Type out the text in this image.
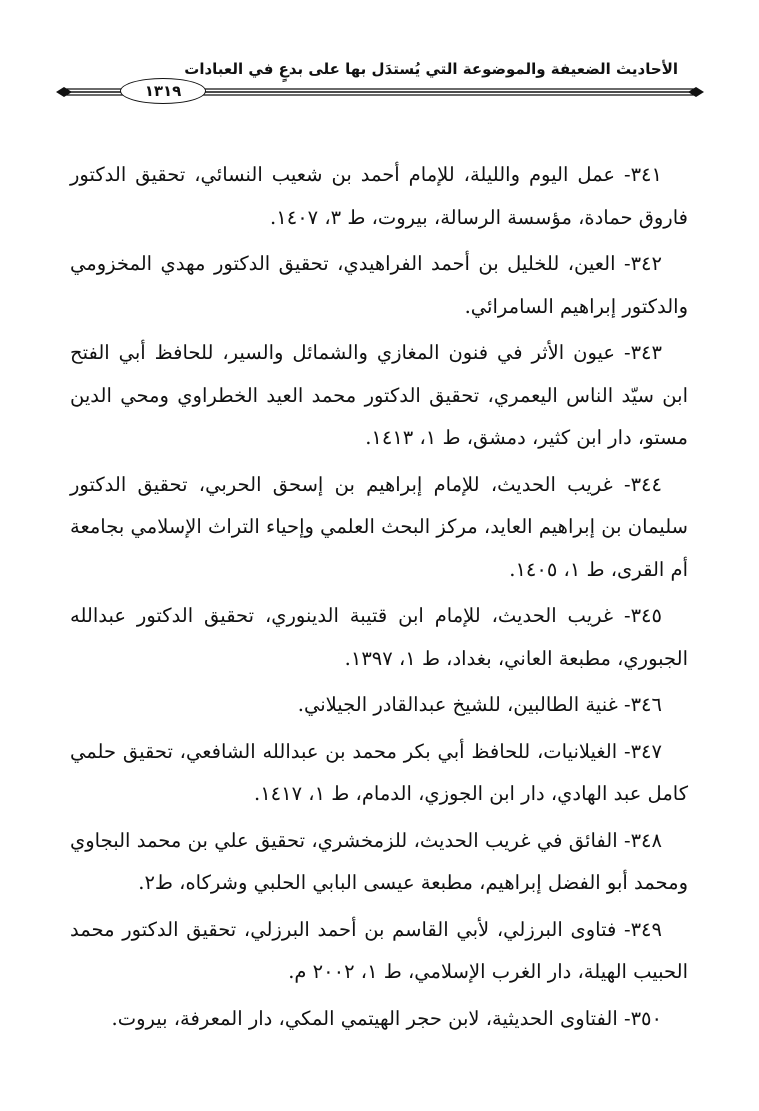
الأحاديث الضعيفة والموضوعة التي يُستدَل بها على بدعٍ في العبادات
١٣١٩

٣٤١- عمل اليوم والليلة، للإمام أحمد بن شعيب النسائي، تحقيق الدكتور فاروق حمادة، مؤسسة الرسالة، بيروت، ط ٣، ١٤٠٧.

٣٤٢- العين، للخليل بن أحمد الفراهيدي، تحقيق الدكتور مهدي المخزومي والدكتور إبراهيم السامرائي.

٣٤٣- عيون الأثر في فنون المغازي والشمائل والسير، للحافظ أبي الفتح ابن سيّد الناس اليعمري، تحقيق الدكتور محمد العيد الخطراوي ومحي الدين مستو، دار ابن كثير، دمشق، ط ١، ١٤١٣.

٣٤٤- غريب الحديث، للإمام إبراهيم بن إسحق الحربي، تحقيق الدكتور سليمان بن إبراهيم العايد، مركز البحث العلمي وإحياء التراث الإسلامي بجامعة أم القرى، ط ١، ١٤٠٥.

٣٤٥- غريب الحديث، للإمام ابن قتيبة الدينوري، تحقيق الدكتور عبدالله الجبوري، مطبعة العاني، بغداد، ط ١، ١٣٩٧.

٣٤٦- غنية الطالبين، للشيخ عبدالقادر الجيلاني.

٣٤٧- الغيلانيات، للحافظ أبي بكر محمد بن عبدالله الشافعي، تحقيق حلمي كامل عبد الهادي، دار ابن الجوزي، الدمام، ط ١، ١٤١٧.

٣٤٨- الفائق في غريب الحديث، للزمخشري، تحقيق علي بن محمد البجاوي ومحمد أبو الفضل إبراهيم، مطبعة عيسى البابي الحلبي وشركاه، ط٢.

٣٤٩- فتاوى البرزلي، لأبي القاسم بن أحمد البرزلي، تحقيق الدكتور محمد الحبيب الهيلة، دار الغرب الإسلامي، ط ١، ٢٠٠٢ م.

٣٥٠- الفتاوى الحديثية، لابن حجر الهيتمي المكي، دار المعرفة، بيروت.
